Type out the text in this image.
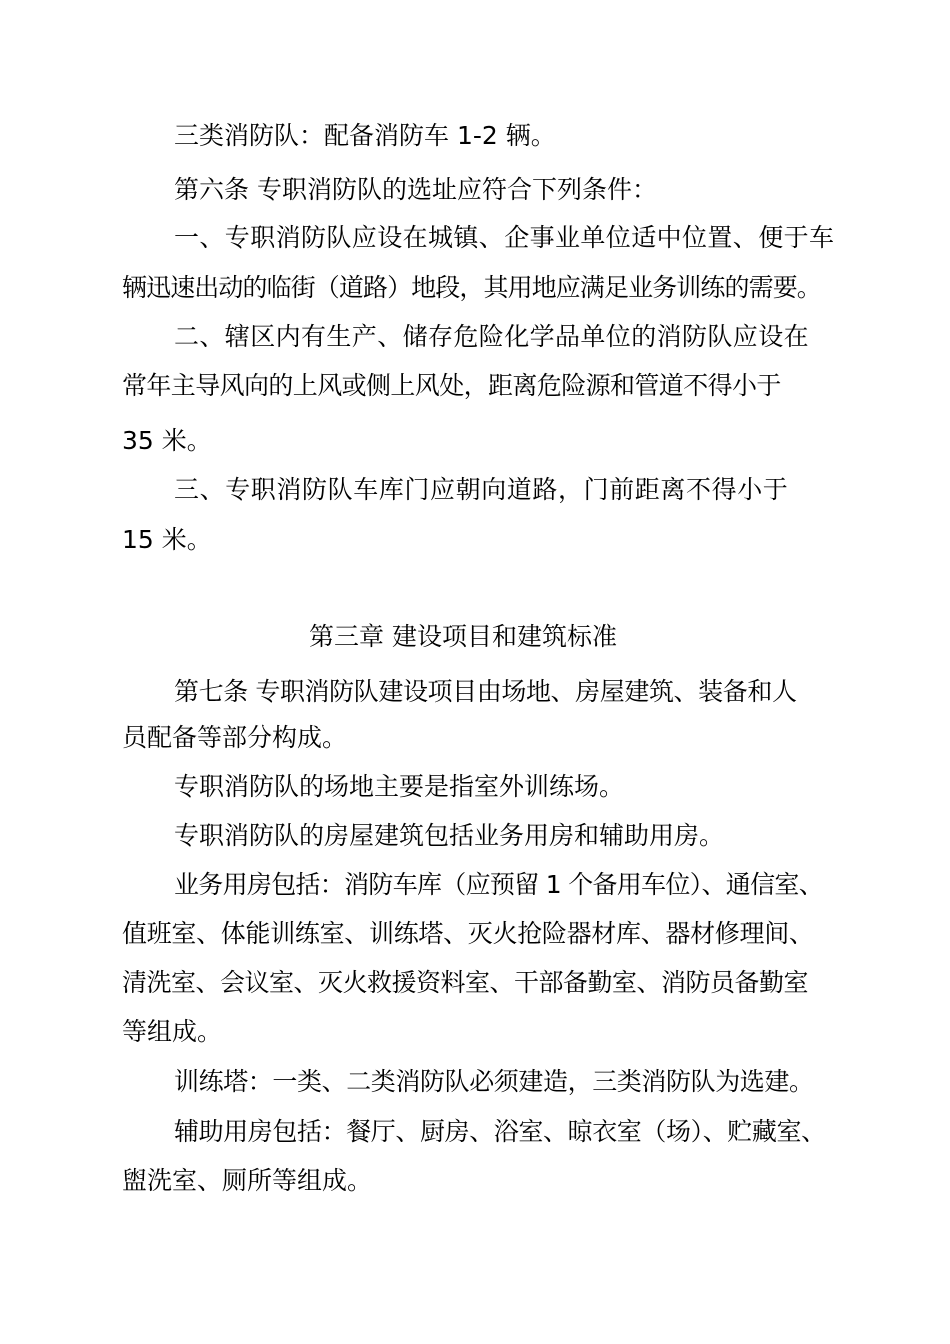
三类消防队：配备消防车 1-2 辆。
第六条 专职消防队的选址应符合下列条件：
一、专职消防队应设在城镇、企事业单位适中位置、便于车
辆迅速出动的临街（道路）地段，其用地应满足业务训练的需要。
二、辖区内有生产、储存危险化学品单位的消防队应设在
常年主导风向的上风或侧上风处，距离危险源和管道不得小于
35 米。
三、专职消防队车库门应朝向道路，门前距离不得小于
15 米。
第三章 建设项目和建筑标准
第七条 专职消防队建设项目由场地、房屋建筑、装备和人
员配备等部分构成。
专职消防队的场地主要是指室外训练场。
专职消防队的房屋建筑包括业务用房和辅助用房。
业务用房包括：消防车库（应预留 1 个备用车位）、通信室、
值班室、体能训练室、训练塔、灭火抢险器材库、器材修理间、
清洗室、会议室、灭火救援资料室、干部备勤室、消防员备勤室
等组成。
训练塔：一类、二类消防队必须建造，三类消防队为选建。
辅助用房包括：餐厅、厨房、浴室、晾衣室（场）、贮藏室、
盥洗室、厕所等组成。
